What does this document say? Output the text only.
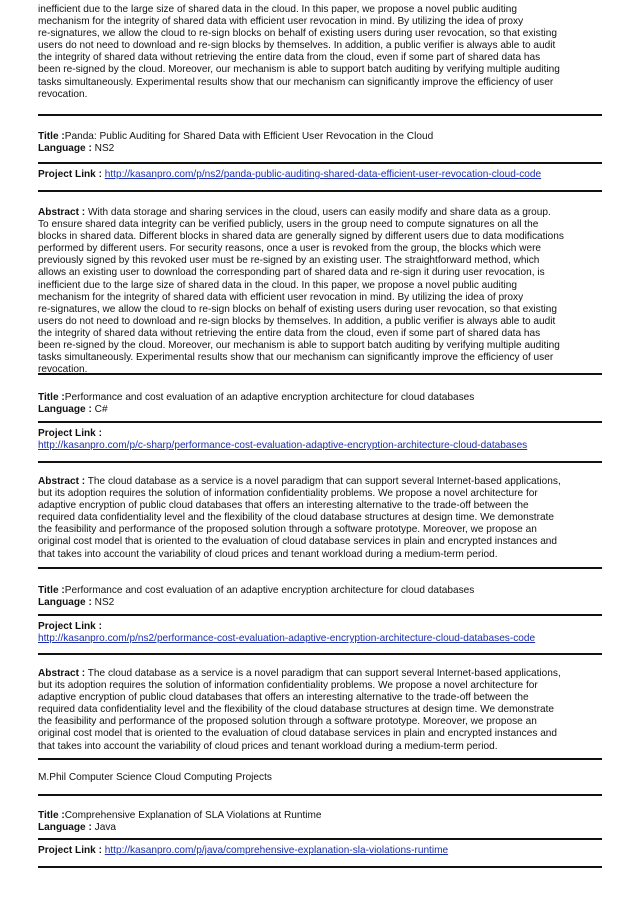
inefficient due to the large size of shared data in the cloud. In this paper, we propose a novel public auditing
mechanism for the integrity of shared data with efficient user revocation in mind. By utilizing the idea of proxy
re-signatures, we allow the cloud to re-sign blocks on behalf of existing users during user revocation, so that existing
users do not need to download and re-sign blocks by themselves. In addition, a public verifier is always able to audit
the integrity of shared data without retrieving the entire data from the cloud, even if some part of shared data has
been re-signed by the cloud. Moreover, our mechanism is able to support batch auditing by verifying multiple auditing
tasks simultaneously. Experimental results show that our mechanism can significantly improve the efficiency of user
revocation.

Title :Panda: Public Auditing for Shared Data with Efficient User Revocation in the Cloud

Language : NS2

Project Link : http://kasanpro.com/p/ns2/panda-public-auditing-shared-data-efficient-user-revocation-cloud-code

Abstract : With data storage and sharing services in the cloud, users can easily modify and share data as a group.
To ensure shared data integrity can be verified publicly, users in the group need to compute signatures on all the
blocks in shared data. Different blocks in shared data are generally signed by different users due to data modifications
performed by different users. For security reasons, once a user is revoked from the group, the blocks which were
previously signed by this revoked user must be re-signed by an existing user. The straightforward method, which
allows an existing user to download the corresponding part of shared data and re-sign it during user revocation, is
inefficient due to the large size of shared data in the cloud. In this paper, we propose a novel public auditing
mechanism for the integrity of shared data with efficient user revocation in mind. By utilizing the idea of proxy
re-signatures, we allow the cloud to re-sign blocks on behalf of existing users during user revocation, so that existing
users do not need to download and re-sign blocks by themselves. In addition, a public verifier is always able to audit
the integrity of shared data without retrieving the entire data from the cloud, even if some part of shared data has
been re-signed by the cloud. Moreover, our mechanism is able to support batch auditing by verifying multiple auditing
tasks simultaneously. Experimental results show that our mechanism can significantly improve the efficiency of user
revocation.

Title :Performance and cost evaluation of an adaptive encryption architecture for cloud databases

Language : C#

Project Link :

http://kasanpro.com/p/c-sharp/performance-cost-evaluation-adaptive-encryption-architecture-cloud-databases

Abstract : The cloud database as a service is a novel paradigm that can support several Internet-based applications,
but its adoption requires the solution of information confidentiality problems. We propose a novel architecture for
adaptive encryption of public cloud databases that offers an interesting alternative to the trade-off between the
required data confidentiality level and the flexibility of the cloud database structures at design time. We demonstrate
the feasibility and performance of the proposed solution through a software prototype. Moreover, we propose an
original cost model that is oriented to the evaluation of cloud database services in plain and encrypted instances and
that takes into account the variability of cloud prices and tenant workload during a medium-term period.

Title :Performance and cost evaluation of an adaptive encryption architecture for cloud databases

Language : NS2

Project Link :

http://kasanpro.com/p/ns2/performance-cost-evaluation-adaptive-encryption-architecture-cloud-databases-code

Abstract : The cloud database as a service is a novel paradigm that can support several Internet-based applications,
but its adoption requires the solution of information confidentiality problems. We propose a novel architecture for
adaptive encryption of public cloud databases that offers an interesting alternative to the trade-off between the
required data confidentiality level and the flexibility of the cloud database structures at design time. We demonstrate
the feasibility and performance of the proposed solution through a software prototype. Moreover, we propose an
original cost model that is oriented to the evaluation of cloud database services in plain and encrypted instances and
that takes into account the variability of cloud prices and tenant workload during a medium-term period.

M.Phil Computer Science Cloud Computing Projects

Title :Comprehensive Explanation of SLA Violations at Runtime

Language : Java

Project Link : http://kasanpro.com/p/java/comprehensive-explanation-sla-violations-runtime
